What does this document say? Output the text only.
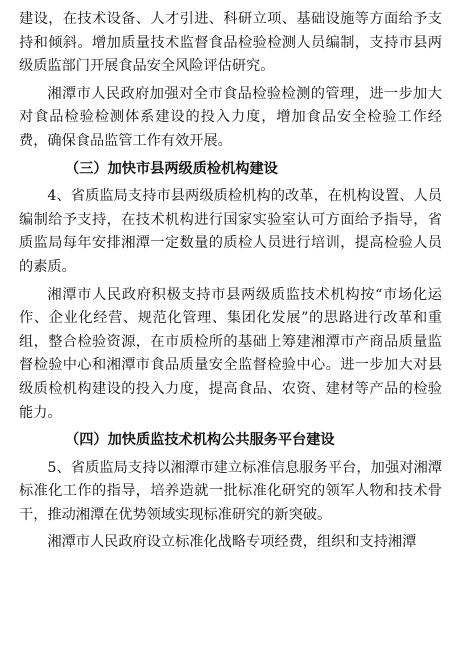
建设，在技术设备、人才引进、科研立项、基础设施等方面给予支持和倾斜。增加质量技术监督食品检验检测人员编制，支持市县两级质监部门开展食品安全风险评估研究。

湘潭市人民政府加强对全市食品检验检测的管理，进一步加大对食品检验检测体系建设的投入力度，增加食品安全检验工作经费，确保食品监管工作有效开展。

（三）加快市县两级质检机构建设

4、省质监局支持市县两级质检机构的改革，在机构设置、人员编制给予支持，在技术机构进行国家实验室认可方面给予指导，省质监局每年安排湘潭一定数量的质检人员进行培训，提高检验人员的素质。

湘潭市人民政府积极支持市县两级质监技术机构按“市场化运作、企业化经营、规范化管理、集团化发展”的思路进行改革和重组，整合检验资源，在市质检所的基础上筹建湘潭市产商品质量监督检验中心和湘潭市食品质量安全监督检验中心。进一步加大对县级质检机构建设的投入力度，提高食品、农资、建材等产品的检验能力。

（四）加快质监技术机构公共服务平台建设

5、省质监局支持以湘潭市建立标准信息服务平台，加强对湘潭标准化工作的指导，培养造就一批标准化研究的领军人物和技术骨干，推动湘潭在优势领域实现标准研究的新突破。

湘潭市人民政府设立标准化战略专项经费，组织和支持湘潭
